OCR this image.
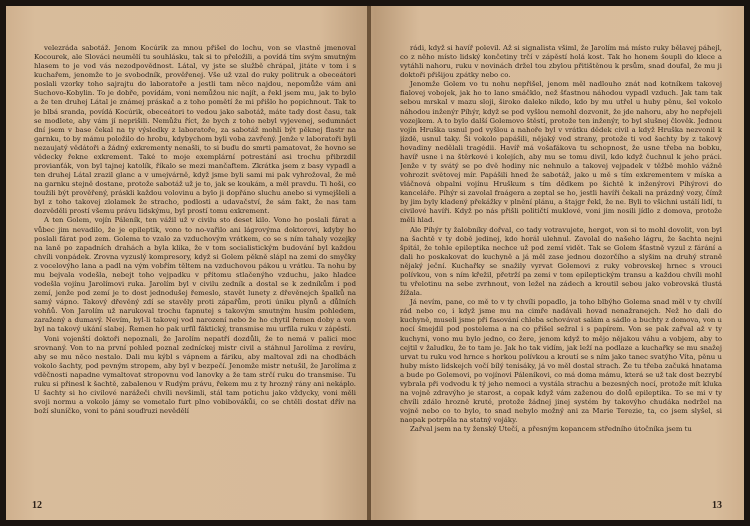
velezráda sabotáž. Jenom Kocúrik za mnou přišel do lochu, von se vlastně jmenoval Kocourek, ale Slováci neumělí tu souhlásku, tak si to přeložili, a povídá tím svým smutným hlasem to je vod vás nezodpovědnost. Látal, vy jste se službě chrápal, jitáte v tom i s kuchařem, jenomže to je svobodník, prověřenej. Vše už vzal do ruky politruk a obeceátori poslali vzorky toho sajrajtu do laboratoře a jestli tam něco najdou, nepomůže vám ani Suchovo-Kobylin. To je dobře, povídám, voni nemůžou nic najít, a řekl jsem mu, jak to bylo a že ten druhej Látal je známej práskač a z toho pomětí že mi přišlo ho popichnout. Tak to je blbá sranda, povídá Kocúrik, obeceátori to vedou jako sabotáž, máte tady dost času, tak se modlete, aby vám jí neprišili. Nemůžu říct, že bych z toho nebyl vyjevenej, sedumnáct dní jsem v base čekal na ty výsledky z laboratoře, za sabotáž mohli být pěknej flastr na garnku, to by mámu položilo do hrobu, kdybychom byli voba zavřený. Jenže v laboratoři byli nezaujatý vědátoři a žádný exkrementy nenašli, to si buďu do smrti pamatovat, že hovno se vědecky řekne exkrement. Také to moje exemplární potrestání asi trochu přibrzdil provianťák, von byl tajnej katolík, říkalo se mezi mančaftem. Zkrátka jsem z basy vypadl a ten druhej Látal zrazil glanc a v umejvárně, když jsme byli sami mi pak vyhrožoval, že mě na garnku stejně dostane, protože sabotáž už je to, jak se koukám, a měl pravdu. Ti hoši, co toužili být prověřený, práskli každou volovinu a bylo ji dopřáno sluchu anebo si vymejšleli a byl z toho takovej zlolamek že stracho, podlosti a udavačství, že sám fakt, že nas tam dozvěděli prostí všemu právu lidskýmu, byl prostí tomu exkrement.

A ten Golem, vojín Páleník, ten vážil už v civilu sto deset kilo. Vono ho poslali fárat a vůbec jim nevadilo, že je epileptik, vono to no-vařilo ani lágrovýma doktorovi, kdyby ho poslali fárat pod zem. Golema to vzalo za vzduchovým vrátkem, co se s ním tahaly vozejky na laně po zapadních drahách a byla klika, že v tom socialistickým budování byl každou chvíli vonpádek. Zrovna vyzuslý kompresory, když si Golem pěkně slápl na zemi do smyčky z vocelovýho lana a padl na vým vobřím těltem na vzduchovou pákou u vrátku. Ta nohu by mu bejvala vodešla, nebejt toho vejpadku v přítomu stlačenýho vzduchu, jako hladce vodešla vojínu Jarolímovi ruka. Jarolím byl v civilu zedník a dostal se k zedníkům i pod zemí, jenže pod zemí je to dost jednodušej řemeslo, stavět lunety z dřevěnejch špalků na samý vápno. Takový dřevěný zdí se stavěly proti zápařům, proti úniku plynů a důlních vohňů. Von Jarolím už narukoval trochu ťapnutej s takovým smutným husím pohledem, zaražený a dumavý. Nevím, byl-li takovej vod narození nebo že ho chytil řemen doby a von byl na takový ukání slabej. Řemen ho pak urfíl fáktický, transmise mu urfíla ruku v zápěstí.

Voni vojenští doktoři nepoznali, že Jarolím nepatří dozdůli, že to nemá v palici moc srovnaný. Von to na první pohled poznal zedníckej mistr civil a stáhnul Jarolíma z revíru, aby se mu něco nestalo. Dali mu kýbl s vápnem a fáriku, aby maltoval zdi na chodbách vokolo šachty, pod pevným stropem, aby byl v bezpečí. Jenomže mistr netušil, že Jarolíma z vděčnosti napadne vymaltovat stropovnu vod lanovky a že tam strčí ruku do transmise. Tu ruku si přinesl k šachtě, zabalenou v Rudým právu, řekem mu z ty hrozný rány ani nekáplo. U šachty si ho civilové narážeči chvíli nevšimli, stál tam potichu jako vždycky, voni měli svoji normu a vokolo jámy se vometalo furt plno vobibovákůi, co se chtěli dostat dřív na boží sluníčko, voni to páni souďruzi nevědělí

12

rádi, když si havíř polevil. Až si signalista všiml, že Jarolím má místo ruky bělavej páhejl, co z něho místo lidský končetiny trčí v zápěstí holá kost. Tak ho honem šoupli do klece a vytáhli nahoru, ruku v novinách držel tou zbylou přitištěnou k prsům, snad doufal, že mu ji doktoři přišijou zpátky nebo co.

Jenomže Golem vo tu nohu nepřišel, jenom měl nadlouho znát nad kotníkem takovej fialovej vobojek, jak ho to lano smáčklo, než šťastnou náhodou vypadl vzduch. Jak tam tak sebou mrskal v mazu sloji, široko daleko nikdo, kdo by mu utřel u huby pěnu, šel vokolo náhodou inženýr Píhýr, když se pod vyšlou nemohl dozvonit, že jde nahoru, aby ho nepřejeli vozejkem. A to bylo další Golemovo štěstí, protože ten inženýr, to byl slušnej člověk. Jednou vojín Hruška usnul pod vyšlou a nahoře byl v vrátku dědek civil a když Hruška nezvonil k jízdě, usnul taky. Ši vokolo papášili, nějaký vod strany, protože ti vod šachty by z takový hovadiny nedělali tragédii. Havíř má vošafákova tu schopnost, že usne třeba na bobku, havíř usne i na štěrkové i kolejích, aby mu se tomu divil, kdo když čuchnul k jeho práci. Jenže v ty svátý se po dvě hodiny nic nehnulo a takovej vejpadek v těžbě mohlo vážně vohrozit světovej mír. Papášili hned že sabotáž, jako u mě s tím exkrementem v míska a vláčnová obpalni vojínu Hruškum s tím dědkem po šichtě k inženýrovi Píhýrovi do kanceláře. Píhýr si zavolal fraágera a zeptal se ho, jestli havíři čekali na prázdný vozy, čímž by jim byly kladený překážky v plnění plánu, a štajgr řekl, že ne. Byli to všichni ustálí lidí, tı civilové havíři. Když po nás přišli političtí muklové, voni jim nosili jídlo z domova, protože měli hlad.

Ale Píhýr ty žalobníky dořval, co tady votravujete, hergot, von si to mohl dovolit, von byl na šachtě v ty době jedinej, kdo horál ulehnul. Zavolal do našeho lágru, že šachta nejni špitál, že tohle epileptika nechce už pod zemí vidět. Tak se Golem šťastně vyzul z fárání a dali ho poskakovat do kuchyně a já měl zase jednou dozorčího a slyšim na druhý straně nějaký ječní. Kuchařky se snažily vyrvat Golemovi z ruky vobrovskej hrnec s vrouci polívkou, von s ním křežil, přetrží pa zemi v tom epileptickým transu a každou chvíli mohl tu vřelotinu na sebe zvrhnout, von ležel na zádech a kroutil sebou jako vobrovská tlustá žížala.

Já nevím, pane, co mě to v ty chvíli popadlo, ja toho blbýho Golema snad měl v ty chvílí rád nebo co, i když jsme mu na cimře nadávali hovad nenažranejch. Než ho dali do kuchyně, museli jsme při fasování chleba schovávat salám a sádlo a buchty z domova, von u nocí šmejdil pod postelema a na co přišel sežral i s papírem. Von se pak zařval až v ty kuchyni, vono mu bylo jedno, co žere, jenom když to mějo nějakou váhu a vobjem, aby to cejtil v žaludku, že to tam je. Jak ho tak vidím, jak leží na podlaze a kuchařky se mu snažej urvat tu ruku vod hrnce s horkou polívkou a kroutí se s ním jako tanec svatýho Víta, pěnu u huby místo lidskejch vočí bílý tenisáky, já vo měl dostal strach. Že tu třeba začuká hnatama a bude po Golemovi, po vojínovi Páleníkovi, co má doma mámu, která se už tak dost bezrybí vybrala při vodvodu k tý jeho nemoci a vystála strachu a bezesných nocí, protože mít kluka na vojně zdravýho je starost, a copak když vám zaženou do dolů epileptika. To se mi v ty chvíli zdálo hrozně kruté, protože žádnej jinej systém by takovýho chudáka nedržel na vojně nebo co to bylo, to snad nebylo možný ani za Marie Terezie, ta, co jsem slyšel, si naopak potrpěla na statný vojáky.

Zařval jsem na ty ženský Utečí, a přesným kopancem středního útočníka jsem tu

13
